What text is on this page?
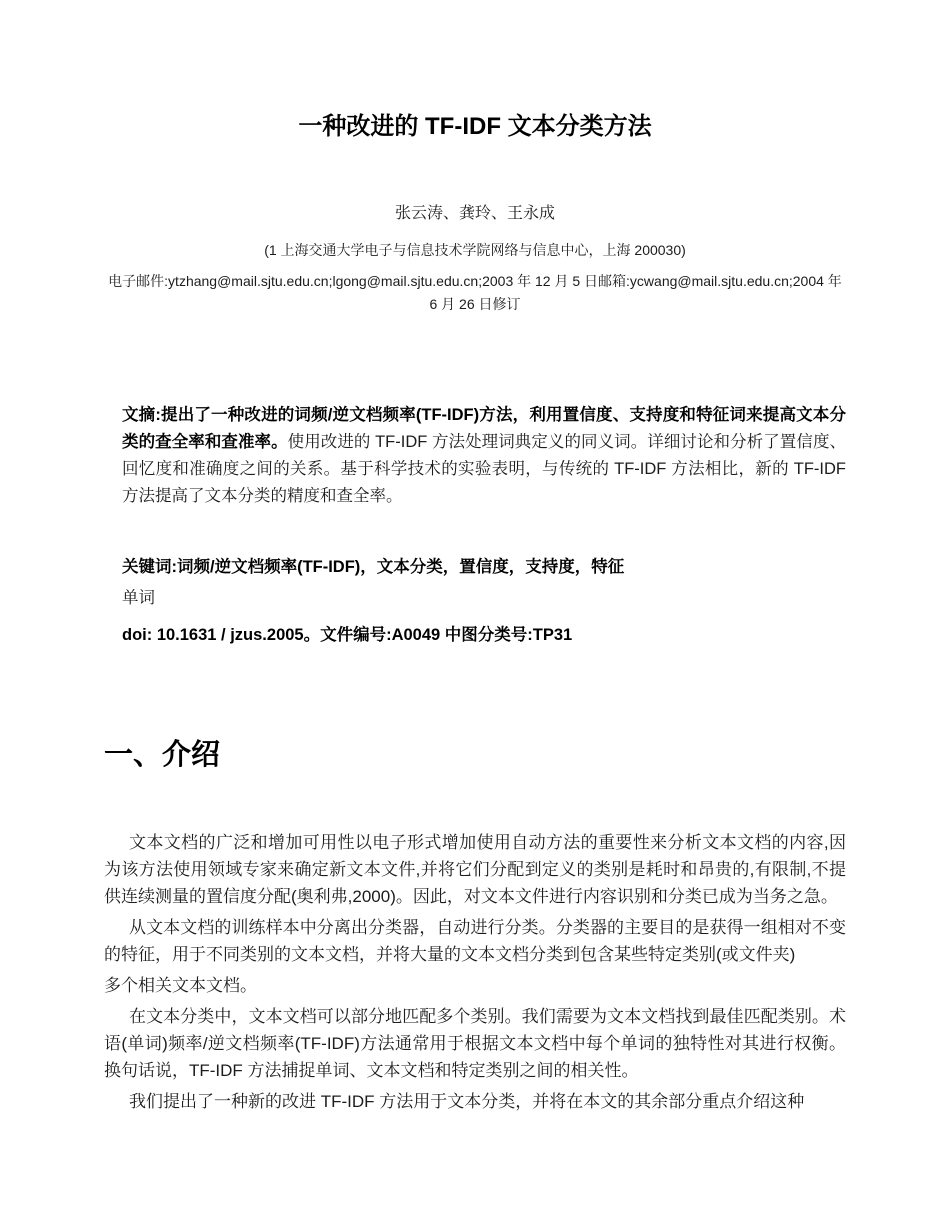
一种改进的 TF-IDF 文本分类方法
张云涛、龚玲、王永成
(1 上海交通大学电子与信息技术学院网络与信息中心，上海 200030)
电子邮件:ytzhang@mail.sjtu.edu.cn;lgong@mail.sjtu.edu.cn;2003 年 12 月 5 日邮箱:ycwang@mail.sjtu.edu.cn;2004 年 6 月 26 日修订

文摘:提出了一种改进的词频/逆文档频率(TF-IDF)方法，利用置信度、支持度和特征词来提高文本分类的查全率和查准率。使用改进的 TF-IDF 方法处理词典定义的同义词。详细讨论和分析了置信度、回忆度和准确度之间的关系。基于科学技术的实验表明，与传统的 TF-IDF 方法相比，新的 TF-IDF 方法提高了文本分类的精度和查全率。

关键词:词频/逆文档频率(TF-IDF)，文本分类，置信度，支持度，特征
单词
doi: 10.1631 / jzus.2005。文件编号:A0049 中图分类号:TP31
一、介绍

文本文档的广泛和增加可用性以电子形式增加使用自动方法的重要性来分析文本文档的内容,因为该方法使用领域专家来确定新文本文件,并将它们分配到定义的类别是耗时和昂贵的,有限制,不提供连续测量的置信度分配(奥利弗,2000)。因此，对文本文件进行内容识别和分类已成为当务之急。

从文本文档的训练样本中分离出分类器，自动进行分类。分类器的主要目的是获得一组相对不变的特征，用于不同类别的文本文档，并将大量的文本文档分类到包含某些特定类别(或文件夹)

多个相关文本文档。

在文本分类中，文本文档可以部分地匹配多个类别。我们需要为文本文档找到最佳匹配类别。术语(单词)频率/逆文档频率(TF-IDF)方法通常用于根据文本文档中每个单词的独特性对其进行权衡。换句话说，TF-IDF 方法捕捉单词、文本文档和特定类别之间的相关性。

我们提出了一种新的改进 TF-IDF 方法用于文本分类，并将在本文的其余部分重点介绍这种
